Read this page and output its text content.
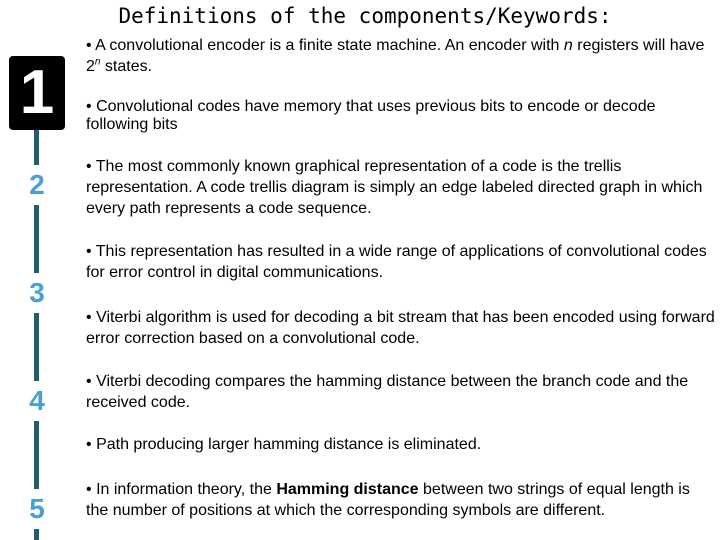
Definitions of the components/Keywords:
1
2
3
4
5

• A convolutional encoder is a finite state machine. An encoder with n registers will have 2$^n$ states.

• Convolutional codes have memory that uses previous bits to encode or decode following bits

• The most commonly known graphical representation of a code is the trellis representation. A code trellis diagram is simply an edge labeled directed graph in which every path represents a code sequence.

• This representation has resulted in a wide range of applications of convolutional codes for error control in digital communications.

• Viterbi algorithm is used for decoding a bit stream that has been encoded using forward error correction based on a convolutional code.

• Viterbi decoding compares the hamming distance between the branch code and the received code.

• Path producing larger hamming distance is eliminated.

• In information theory, the Hamming distance between two strings of equal length is the number of positions at which the corresponding symbols are different.
